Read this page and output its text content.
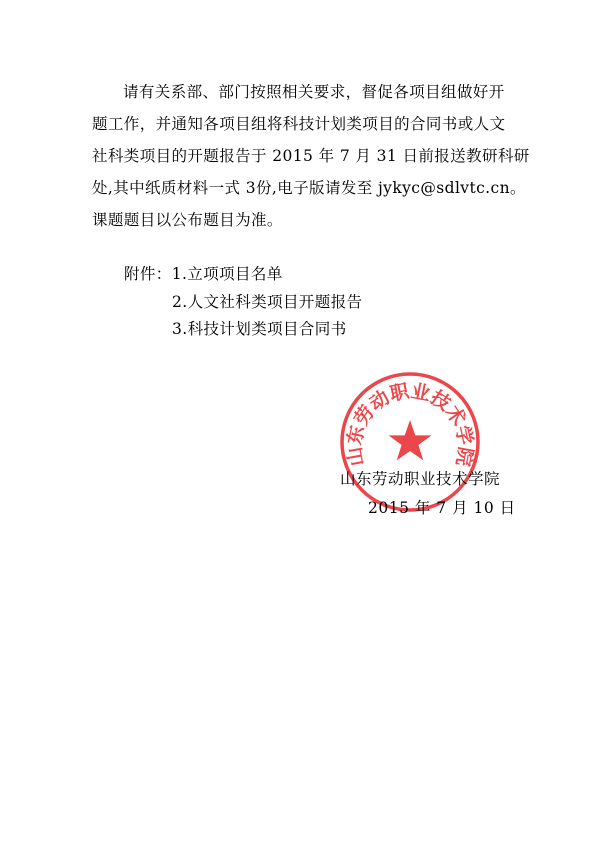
请有关系部、部门按照相关要求，督促各项目组做好开
题工作，并通知各项目组将科技计划类项目的合同书或人文
社科类项目的开题报告于 2015 年 7 月 31 日前报送教研科研
处,其中纸质材料一式 3份,电子版请发至 jykyc@sdlvtc.cn。
课题题目以公布题目为准。
附件：1.立项项目名单
2.人文社科类项目开题报告
3.科技计划类项目合同书
山东劳动职业技术学院
山东劳动职业技术学院
2015 年 7 月 10 日
